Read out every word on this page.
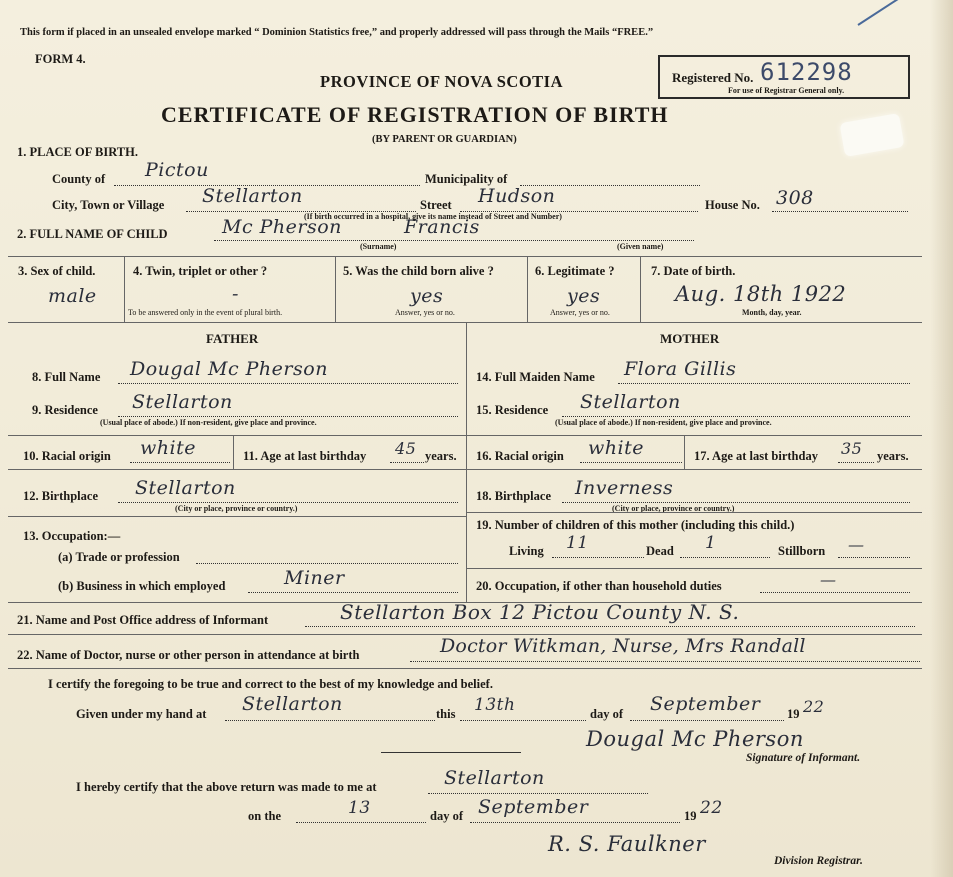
This form if placed in an unsealed envelope marked “ Dominion Statistics free,” and properly addressed will pass through the Mails “FREE.”
FORM 4.
Registered No. 612298
For use of Registrar General only.
PROVINCE OF NOVA SCOTIA
CERTIFICATE OF REGISTRATION OF BIRTH
(BY PARENT OR GUARDIAN)
1. PLACE OF BIRTH.
County of Pictou	Municipality of
City, Town or Village Stellarton	Street Hudson	House No. 308
(If birth occurred in a hospital, give its name instead of Street and Number)
2. FULL NAME OF CHILD	Mc Pherson	Francis
(Surname)	(Given name)
3. Sex of child.
male
4. Twin, triplet or other ?
-
To be answered only in the event of plural birth.
5. Was the child born alive ?
yes
Answer, yes or no.
6. Legitimate ?
yes
Answer, yes or no.
7. Date of birth.
Aug. 18th 1922
Month, day, year.
FATHER	MOTHER
8. Full Name Dougal Mc Pherson
9. Residence Stellarton
(Usual place of abode.) If non-resident, give place and province.
10. Racial origin white	11. Age at last birthday 45 years.
12. Birthplace Stellarton
(City or place, province or country.)
13. Occupation:—
(a) Trade or profession
(b) Business in which employed	Miner
14. Full Maiden Name Flora Gillis
15. Residence Stellarton
(Usual place of abode.) If non-resident, give place and province.
16. Racial origin white	17. Age at last birthday 35 years.
18. Birthplace Inverness
(City or place, province or country.)
19. Number of children of this mother (including this child.)
Living 11	Dead 1	Stillborn —
20. Occupation, if other than household duties	—
21. Name and Post Office address of Informant	Stellarton Box 12 Pictou County N. S.
22. Name of Doctor, nurse or other person in attendance at birth	Doctor Witkman, Nurse, Mrs Randall
I certify the foregoing to be true and correct to the best of my knowledge and belief.
Given under my hand at Stellarton	this 13th	day of September 19 22
Dougal Mc Pherson
Signature of Informant.
I hereby certify that the above return was made to me at	Stellarton
on the	13	day of September	19 22
R. S. Faulkner
Division Registrar.
